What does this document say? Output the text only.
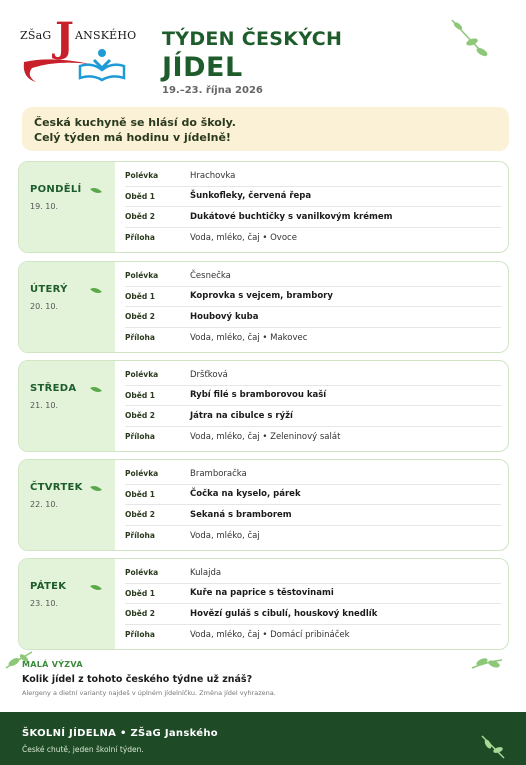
ZŠaG J ANSKÉHO TÝDEN ČESKÝCH
JÍDEL
19.–23. října 2026
Česká kuchyně se hlásí do školy.
Celý týden má hodinu v jídelně!
PONDĚLÍ
19. 10.
Polévka	Hrachovka
Oběd 1	Šunkofleky, červená řepa
Oběd 2	Dukátové buchtičky s vanilkovým krémem
Příloha	Voda, mléko, čaj • Ovoce
ÚTERÝ
20. 10.
Polévka	Česnečka
Oběd 1	Koprovka s vejcem, brambory
Oběd 2	Houbový kuba
Příloha	Voda, mléko, čaj • Makovec
STŘEDA
21. 10.
Polévka	Dršťková
Oběd 1	Rybí filé s bramborovou kaší
Oběd 2	Játra na cibulce s rýží
Příloha	Voda, mléko, čaj • Zeleninový salát
ČTVRTEK
22. 10.
Polévka	Bramboračka
Oběd 1	Čočka na kyselo, párek
Oběd 2	Sekaná s bramborem
Příloha	Voda, mléko, čaj
PÁTEK
23. 10.
Polévka	Kulajda
Oběd 1	Kuře na paprice s těstovinami
Oběd 2	Hovězí guláš s cibulí, houskový knedlík
Příloha	Voda, mléko, čaj • Domácí pribináček
MALÁ VÝZVA
Kolik jídel z tohoto českého týdne už znáš?
Alergeny a dietní varianty najdeš v úplném jídelníčku. Změna jídel vyhrazena.
ŠKOLNÍ JÍDELNA • ZŠaG Janského
České chutě, jeden školní týden.
